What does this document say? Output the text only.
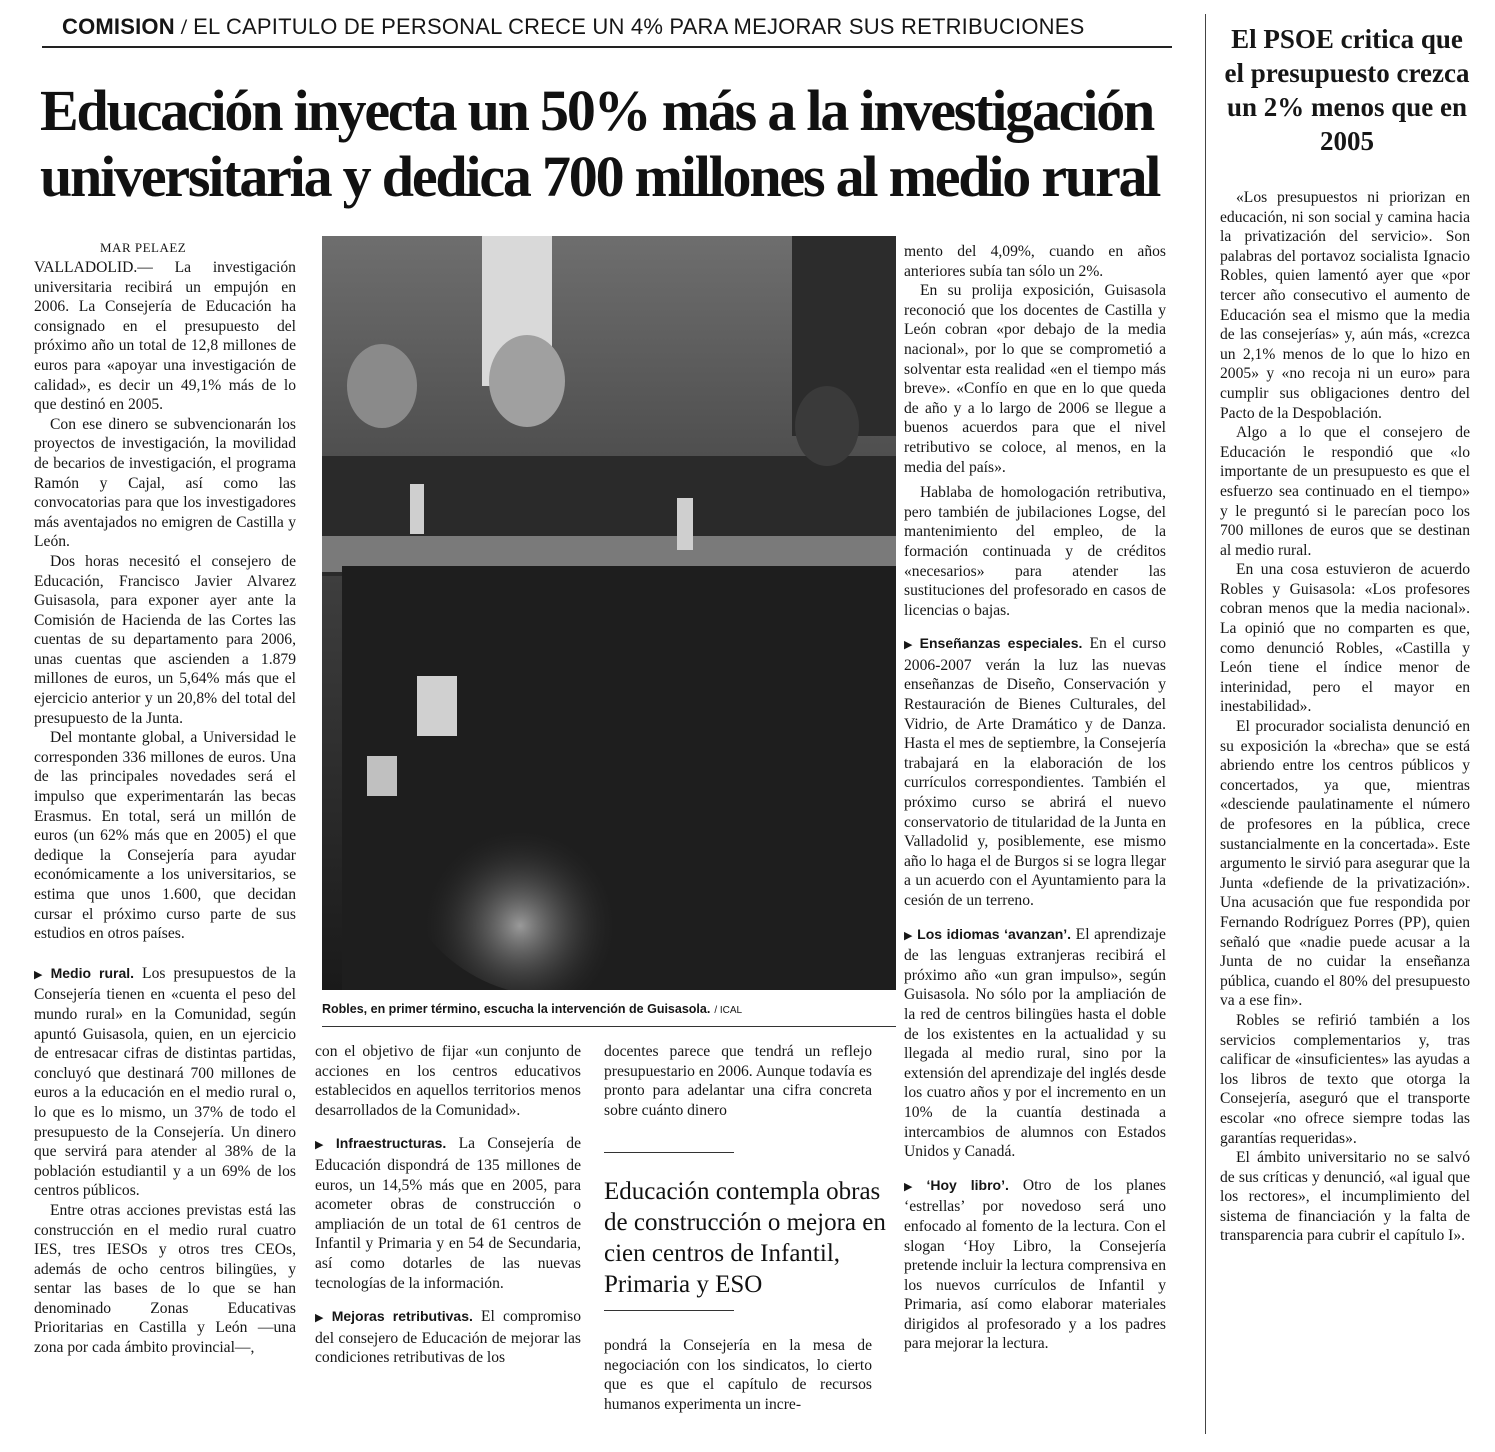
COMISION / EL CAPITULO DE PERSONAL CRECE UN 4% PARA MEJORAR SUS RETRIBUCIONES
Educación inyecta un 50% más a la investigación
universitaria y dedica 700 millones al medio rural
El PSOE critica que el presupuesto crezca un 2% menos que en 2005
MAR PELAEZ

VALLADOLID.— La investigación universitaria recibirá un empujón en 2006. La Consejería de Educación ha consignado en el presupuesto del próximo año un total de 12,8 millones de euros para «apoyar una investigación de calidad», es decir un 49,1% más de lo que destinó en 2005.

Con ese dinero se subvencionarán los proyectos de investigación, la movilidad de becarios de investigación, el programa Ramón y Cajal, así como las convocatorias para que los investigadores más aventajados no emigren de Castilla y León.

Dos horas necesitó el consejero de Educación, Francisco Javier Alvarez Guisasola, para exponer ayer ante la Comisión de Hacienda de las Cortes las cuentas de su departamento para 2006, unas cuentas que ascienden a 1.879 millones de euros, un 5,64% más que el ejercicio anterior y un 20,8% del total del presupuesto de la Junta.

Del montante global, a Universidad le corresponden 336 millones de euros. Una de las principales novedades será el impulso que experimentarán las becas Erasmus. En total, será un millón de euros (un 62% más que en 2005) el que dedique la Consejería para ayudar económicamente a los universitarios, se estima que unos 1.600, que decidan cursar el próximo curso parte de sus estudios en otros países.

▶ Medio rural. Los presupuestos de la Consejería tienen en «cuenta el peso del mundo rural» en la Comunidad, según apuntó Guisasola, quien, en un ejercicio de entresacar cifras de distintas partidas, concluyó que destinará 700 millones de euros a la educación en el medio rural o, lo que es lo mismo, un 37% de todo el presupuesto de la Consejería. Un dinero que servirá para atender al 38% de la población estudiantil y a un 69% de los centros públicos.

Entre otras acciones previstas está las construcción en el medio rural cuatro IES, tres IESOs y otros tres CEOs, además de ocho centros bilingües, y sentar las bases de lo que se han denominado Zonas Educativas Prioritarias en Castilla y León —una zona por cada ámbito provincial—,

Robles, en primer término, escucha la intervención de Guisasola. / ICAL

con el objetivo de fijar «un conjunto de acciones en los centros educativos establecidos en aquellos territorios menos desarrollados de la Comunidad».

▶ Infraestructuras. La Consejería de Educación dispondrá de 135 millones de euros, un 14,5% más que en 2005, para acometer obras de construcción o ampliación de un total de 61 centros de Infantil y Primaria y en 54 de Secundaria, así como dotarles de las nuevas tecnologías de la información.

▶ Mejoras retributivas. El compromiso del consejero de Educación de mejorar las condiciones retributivas de los

docentes parece que tendrá un reflejo presupuestario en 2006. Aunque todavía es pronto para adelantar una cifra concreta sobre cuánto dinero

Educación contempla obras de construcción o mejora en cien centros de Infantil, Primaria y ESO

pondrá la Consejería en la mesa de negociación con los sindicatos, lo cierto que es que el capítulo de recursos humanos experimenta un incre-

mento del 4,09%, cuando en años anteriores subía tan sólo un 2%.

En su prolija exposición, Guisasola reconoció que los docentes de Castilla y León cobran «por debajo de la media nacional», por lo que se comprometió a solventar esta realidad «en el tiempo más breve». «Confío en que en lo que queda de año y a lo largo de 2006 se llegue a buenos acuerdos para que el nivel retributivo se coloce, al menos, en la media del país».

Hablaba de homologación retributiva, pero también de jubilaciones Logse, del mantenimiento del empleo, de la formación continuada y de créditos «necesarios» para atender las sustituciones del profesorado en casos de licencias o bajas.

▶ Enseñanzas especiales. En el curso 2006-2007 verán la luz las nuevas enseñanzas de Diseño, Conservación y Restauración de Bienes Culturales, del Vidrio, de Arte Dramático y de Danza. Hasta el mes de septiembre, la Consejería trabajará en la elaboración de los currículos correspondientes. También el próximo curso se abrirá el nuevo conservatorio de titularidad de la Junta en Valladolid y, posiblemente, ese mismo año lo haga el de Burgos si se logra llegar a un acuerdo con el Ayuntamiento para la cesión de un terreno.

▶ Los idiomas ‘avanzan’. El aprendizaje de las lenguas extranjeras recibirá el próximo año «un gran impulso», según Guisasola. No sólo por la ampliación de la red de centros bilingües hasta el doble de los existentes en la actualidad y su llegada al medio rural, sino por la extensión del aprendizaje del inglés desde los cuatro años y por el incremento en un 10% de la cuantía destinada a intercambios de alumnos con Estados Unidos y Canadá.

▶ ‘Hoy libro’. Otro de los planes ‘estrellas’ por novedoso será uno enfocado al fomento de la lectura. Con el slogan ‘Hoy Libro, la Consejería pretende incluir la lectura comprensiva en los nuevos currículos de Infantil y Primaria, así como elaborar materiales dirigidos al profesorado y a los padres para mejorar la lectura.

«Los presupuestos ni priorizan en educación, ni son social y camina hacia la privatización del servicio». Son palabras del portavoz socialista Ignacio Robles, quien lamentó ayer que «por tercer año consecutivo el aumento de Educación sea el mismo que la media de las consejerías» y, aún más, «crezca un 2,1% menos de lo que lo hizo en 2005» y «no recoja ni un euro» para cumplir sus obligaciones dentro del Pacto de la Despoblación.

Algo a lo que el consejero de Educación le respondió que «lo importante de un presupuesto es que el esfuerzo sea continuado en el tiempo» y le preguntó si le parecían poco los 700 millones de euros que se destinan al medio rural.

En una cosa estuvieron de acuerdo Robles y Guisasola: «Los profesores cobran menos que la media nacional». La opinió que no comparten es que, como denunció Robles, «Castilla y León tiene el índice menor de interinidad, pero el mayor en inestabilidad».

El procurador socialista denunció en su exposición la «brecha» que se está abriendo entre los centros públicos y concertados, ya que, mientras «desciende paulatinamente el número de profesores en la pública, crece sustancialmente en la concertada». Este argumento le sirvió para asegurar que la Junta «defiende de la privatización». Una acusación que fue respondida por Fernando Rodríguez Porres (PP), quien señaló que «nadie puede acusar a la Junta de no cuidar la enseñanza pública, cuando el 80% del presupuesto va a ese fin».

Robles se refirió también a los servicios complementarios y, tras calificar de «insuficientes» las ayudas a los libros de texto que otorga la Consejería, aseguró que el transporte escolar «no ofrece siempre todas las garantías requeridas».

El ámbito universitario no se salvó de sus críticas y denunció, «al igual que los rectores», el incumplimiento del sistema de financiación y la falta de transparencia para cubrir el capítulo I».
